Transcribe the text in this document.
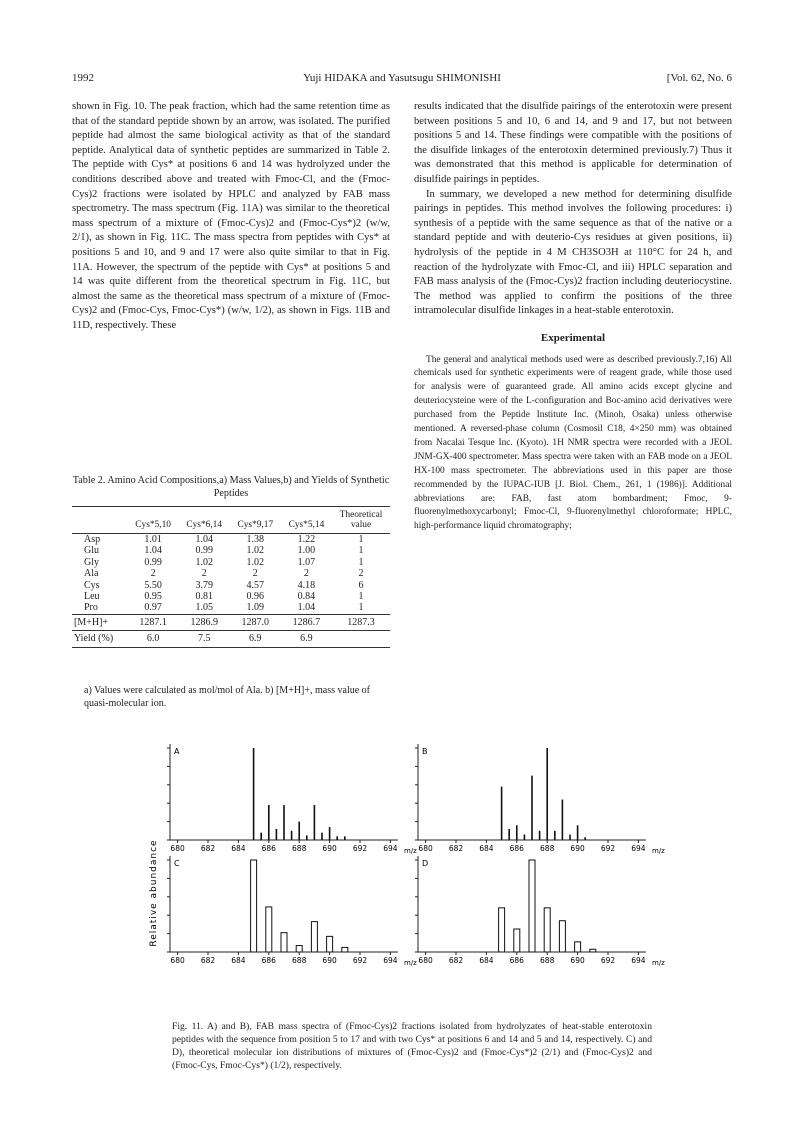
1992	Yuji HIDAKA and Yasutsugu SHIMONISHI	[Vol. 62, No. 6

shown in Fig. 10. The peak fraction, which had the same retention time as that of the standard peptide shown by an arrow, was isolated. The purified peptide had almost the same biological activity as that of the standard peptide. Analytical data of synthetic peptides are summarized in Table 2. The peptide with Cys* at positions 6 and 14 was hydrolyzed under the conditions described above and treated with Fmoc-Cl, and the (Fmoc-Cys)2 fractions were isolated by HPLC and analyzed by FAB mass spectrometry. The mass spectrum (Fig. 11A) was similar to the theoretical mass spectrum of a mixture of (Fmoc-Cys)2 and (Fmoc-Cys*)2 (w/w, 2/1), as shown in Fig. 11C. The mass spectra from peptides with Cys* at positions 5 and 10, and 9 and 17 were also quite similar to that in Fig. 11A. However, the spectrum of the peptide with Cys* at positions 5 and 14 was quite different from the theoretical spectrum in Fig. 11C, but almost the same as the theoretical mass spectrum of a mixture of (Fmoc-Cys)2 and (Fmoc-Cys, Fmoc-Cys*) (w/w, 1/2), as shown in Figs. 11B and 11D, respectively. These

results indicated that the disulfide pairings of the enterotoxin were present between positions 5 and 10, 6 and 14, and 9 and 17, but not between positions 5 and 14. These findings were compatible with the positions of the disulfide linkages of the enterotoxin determined previously.7) Thus it was demonstrated that this method is applicable for determination of disulfide pairings in peptides.

In summary, we developed a new method for determining disulfide pairings in peptides. This method involves the following procedures: i) synthesis of a peptide with the same sequence as that of the native or a standard peptide and with deuterio-Cys residues at given positions, ii) hydrolysis of the peptide in 4 M CH3SO3H at 110°C for 24 h, and reaction of the hydrolyzate with Fmoc-Cl, and iii) HPLC separation and FAB mass analysis of the (Fmoc-Cys)2 fraction including deuteriocystine. The method was applied to confirm the positions of the three intramolecular disulfide linkages in a heat-stable enterotoxin.

Experimental

The general and analytical methods used were as described previously.7,16) All chemicals used for synthetic experiments were of reagent grade, while those used for analysis were of guaranteed grade. All amino acids except glycine and deuteriocysteine were of the L-configuration and Boc-amino acid derivatives were purchased from the Peptide Institute Inc. (Minoh, Osaka) unless otherwise mentioned. A reversed-phase column (Cosmosil C18, 4×250 mm) was obtained from Nacalai Tesque Inc. (Kyoto). 1H NMR spectra were recorded with a JEOL JNM-GX-400 spectrometer. Mass spectra were taken with an FAB mode on a JEOL HX-100 mass spectrometer. The abbreviations used in this paper are those recommended by the IUPAC-IUB [J. Biol. Chem., 261, 1 (1986)]. Additional abbreviations are: FAB, fast atom bombardment; Fmoc, 9-fluorenylmethoxycarbonyl; Fmoc-Cl, 9-fluorenylmethyl chloroformate; HPLC, high-performance liquid chromatography;

Table 2. Amino Acid Compositions,a) Mass Values,b) and Yields of Synthetic Peptides
	Cys*5,10	Cys*6,14	Cys*9,17	Cys*5,14	Theoretical value
Asp	1.01	1.04	1.38	1.22	1
Glu	1.04	0.99	1.02	1.00	1
Gly	0.99	1.02	1.02	1.07	1
Ala	2	2	2	2	2
Cys	5.50	3.79	4.57	4.18	6
Leu	0.95	0.81	0.96	0.84	1
Pro	0.97	1.05	1.09	1.04	1
[M+H]+	1287.1	1286.9	1287.0	1286.7	1287.3
Yield (%)	6.0	7.5	6.9	6.9	
a) Values were calculated as mol/mol of Ala. b) [M+H]+, mass value of quasi-molecular ion.
Relative abundance
A
680 682 684 686 688 690 692 694 m/z
B
680 682 684 686 688 690 692 694 m/z
C
680 682 684 686 688 690 692 694 m/z
D
680 682 684 686 688 690 692 694 m/z
Fig. 11. A) and B), FAB mass spectra of (Fmoc-Cys)2 fractions isolated from hydrolyzates of heat-stable enterotoxin peptides with the sequence from position 5 to 17 and with two Cys* at positions 6 and 14 and 5 and 14, respectively. C) and D), theoretical molecular ion distributions of mixtures of (Fmoc-Cys)2 and (Fmoc-Cys*)2 (2/1) and (Fmoc-Cys)2 and (Fmoc-Cys, Fmoc-Cys*) (1/2), respectively.
